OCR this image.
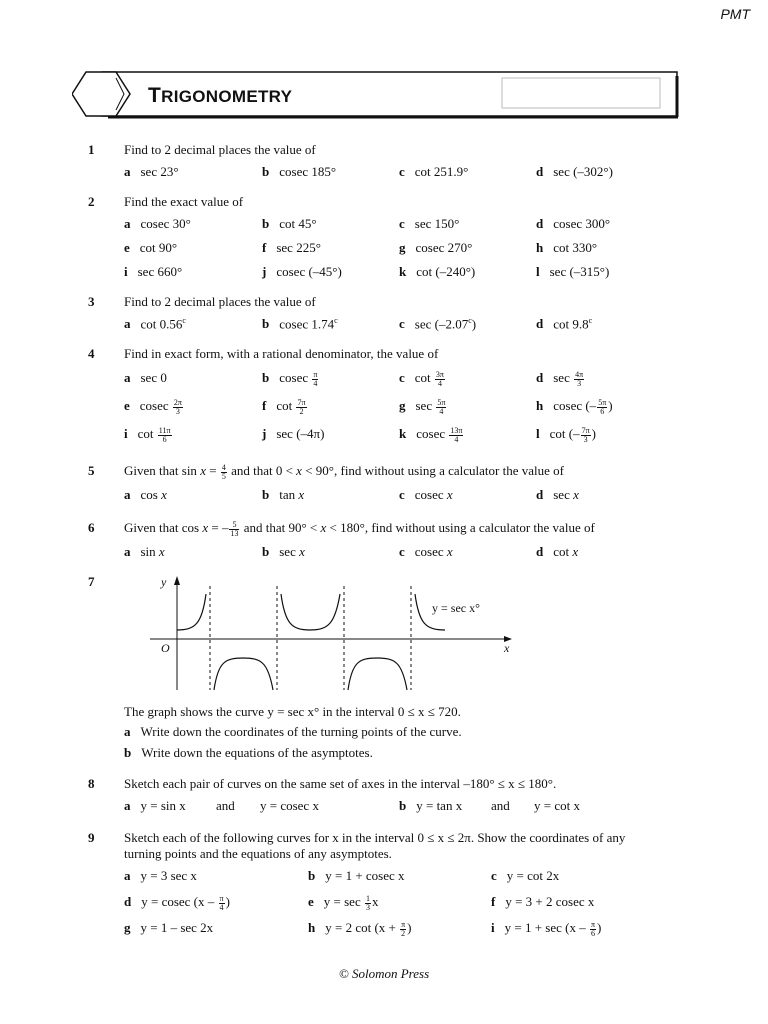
PMT
TRIGONOMETRY
1	Find to 2 decimal places the value of
a sec 23°	b cosec 185°	c cot 251.9°	d sec (–302°)
2	Find the exact value of
a cosec 30°	b cot 45°	c sec 150°	d cosec 300°
e cot 90°	f sec 225°	g cosec 270°	h cot 330°
i sec 660°	j cosec (–45°)	k cot (–240°)	l sec (–315°)
3	Find to 2 decimal places the value of
a cot 0.56$^c$	b cosec 1.74$^c$	c sec (–2.07$^c$)	d cot 9.8$^c$
4	Find in exact form, with a rational denominator, the value of
a sec 0	b cosec $\frac{\pi}{4}$	c $\cot \frac{3\pi}{4}$	d $\sec \frac{4\pi}{3}$
e cosec $\frac{2\pi}{3}$	f $\cot \frac{7\pi}{2}$	g $\sec \frac{5\pi}{4}$	h cosec (– $\frac{5\pi}{6}$ )
i $\cot \frac{11\pi}{6}$	j sec (–4π)	k cosec $\frac{13\pi}{4}$	l cot (– $\frac{7\pi}{3}$ )
5	Given that $\sin x = \frac{4}{5}$ and that 0 < x < 90°, find without using a calculator the value of
a cos x	b tan x	c cosec x	d sec x
6	Given that cos x = – $\frac{5}{13}$ and that 90° < x < 180°, find without using a calculator the value of
a sin x	b sec x	c cosec x	d cot x
7
The graph shows the curve y = sec x° in the interval 0 ≤ x ≤ 720.
a Write down the coordinates of the turning points of the curve.
b Write down the equations of the asymptotes.
8	Sketch each pair of curves on the same set of axes in the interval –180° ≤ x ≤ 180°.
a y = sin x and y = cosec x	b y = tan x and y = cot x
9	Sketch each of the following curves for x in the interval 0 ≤ x ≤ 2π. Show the coordinates of any
turning points and the equations of any asymptotes.
a y = 3 sec x	b y = 1 + cosec x	c y = cot 2x
d y = cosec ($x - \frac{\pi}{4}$ )	e $y = \sec \frac{1}{3}$ x	f y = 3 + 2 cosec x
g y = 1 – sec 2x	h y = 2 $\cot (x + \frac{\pi}{2}$ )	i $y = 1 + \sec (x - \frac{\pi}{6}$ )
y
x
O
y = sec x°
© Solomon Press
